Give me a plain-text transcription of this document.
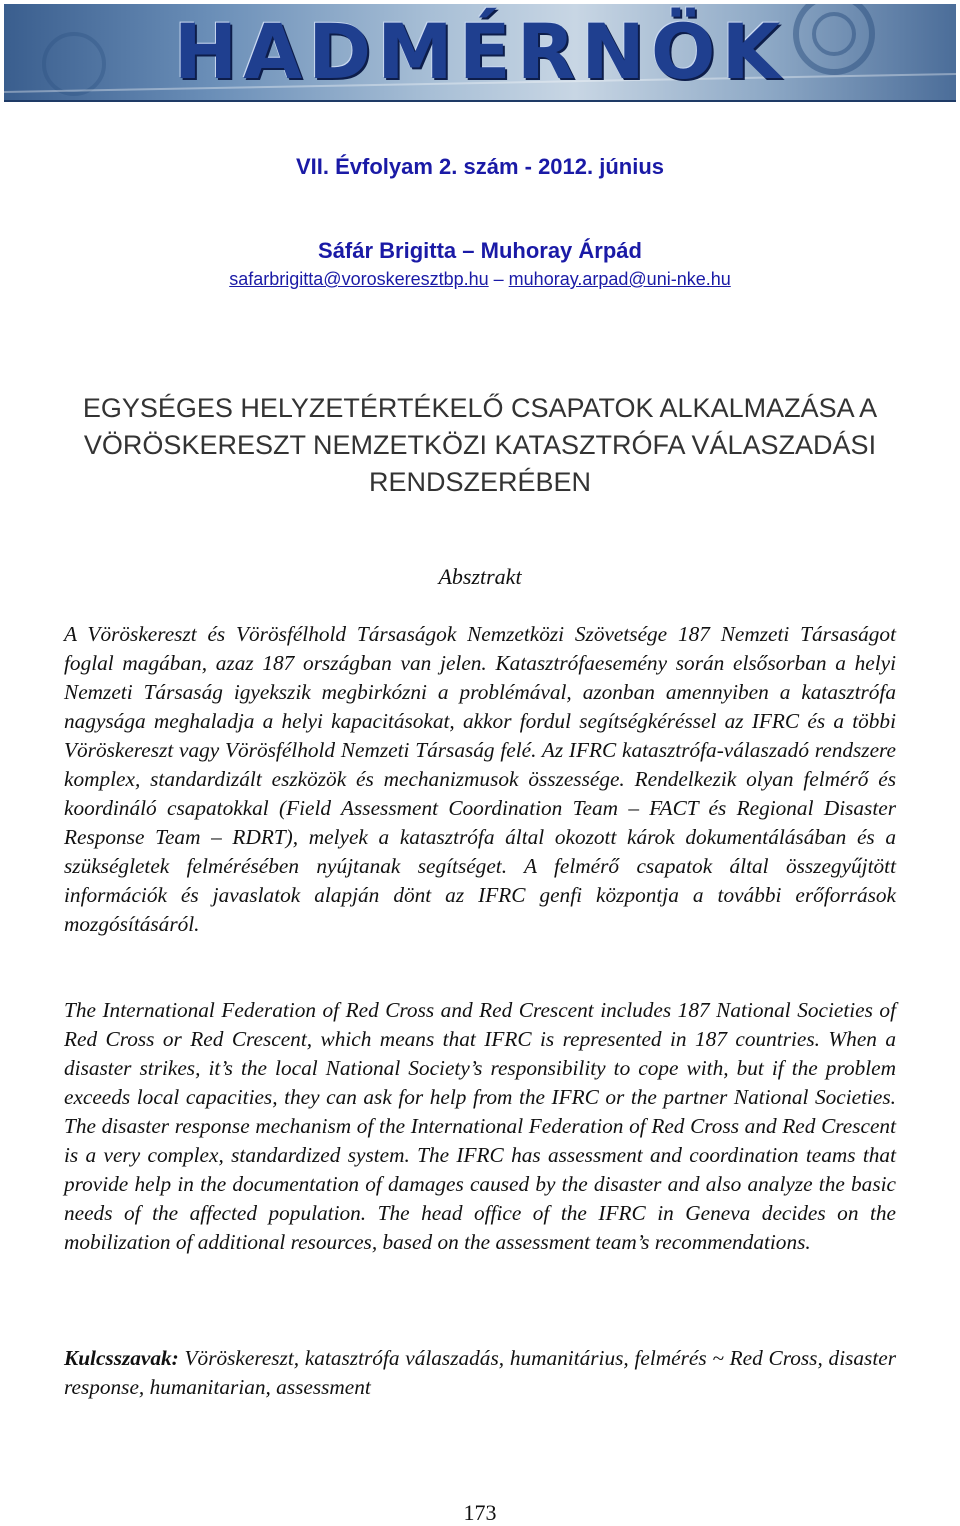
HADMÉRNÖK
VII. Évfolyam 2. szám - 2012. június
Sáfár Brigitta – Muhoray Árpád
safarbrigitta@voroskeresztbp.hu – muhoray.arpad@uni-nke.hu
EGYSÉGES HELYZETÉRTÉKELŐ CSAPATOK ALKALMAZÁSA A
VÖRÖSKERESZT NEMZETKÖZI KATASZTRÓFA VÁLASZADÁSI
RENDSZERÉBEN
Absztrakt
A Vöröskereszt és Vörösfélhold Társaságok Nemzetközi Szövetsége 187 Nemzeti Társaságot foglal magában, azaz 187 országban van jelen. Katasztrófaesemény során elsősorban a helyi Nemzeti Társaság igyekszik megbirkózni a problémával, azonban amennyiben a katasztrófa nagysága meghaladja a helyi kapacitásokat, akkor fordul segítségkéréssel az IFRC és a többi Vöröskereszt vagy Vörösfélhold Nemzeti Társaság felé. Az IFRC katasztrófa-válaszadó rendszere komplex, standardizált eszközök és mechanizmusok összessége. Rendelkezik olyan felmérő és koordináló csapatokkal (Field Assessment Coordination Team – FACT és Regional Disaster Response Team – RDRT), melyek a katasztrófa által okozott károk dokumentálásában és a szükségletek felmérésében nyújtanak segítséget. A felmérő csapatok által összegyűjtött információk és javaslatok alapján dönt az IFRC genfi központja a további erőforrások mozgósításáról.
The International Federation of Red Cross and Red Crescent includes 187 National Societies of Red Cross or Red Crescent, which means that IFRC is represented in 187 countries. When a disaster strikes, it’s the local National Society’s responsibility to cope with, but if the problem exceeds local capacities, they can ask for help from the IFRC or the partner National Societies. The disaster response mechanism of the International Federation of Red Cross and Red Crescent is a very complex, standardized system. The IFRC has assessment and coordination teams that provide help in the documentation of damages caused by the disaster and also analyze the basic needs of the affected population. The head office of the IFRC in Geneva decides on the mobilization of additional resources, based on the assessment team’s recommendations.
Kulcsszavak: Vöröskereszt, katasztrófa válaszadás, humanitárius, felmérés ~ Red Cross, disaster response, humanitarian, assessment
173
